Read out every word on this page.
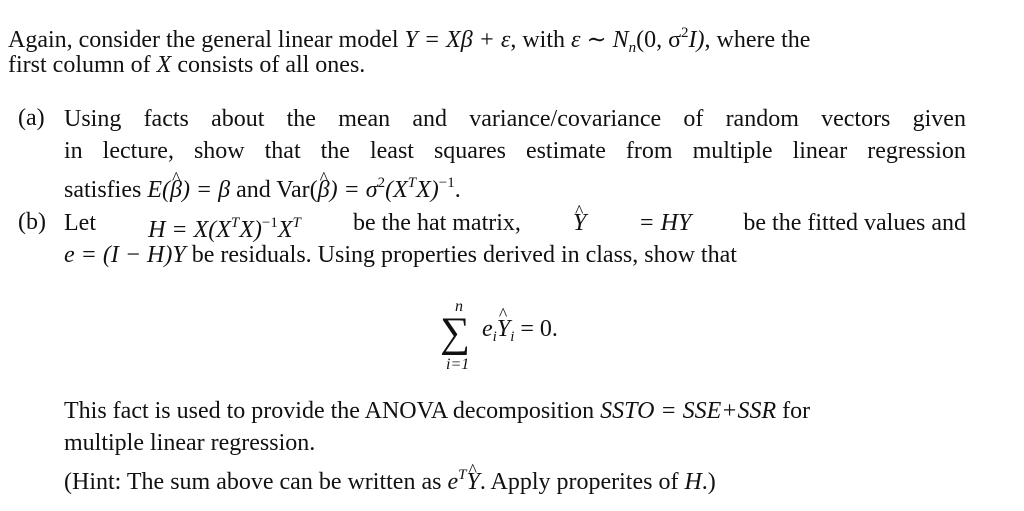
Again, consider the general linear model Y = Xβ + ε, with ε ∼ $N_n(0$, $\sigma^2I$), where the
first column of X consists of all ones.
(a) Using facts about the mean and variance/covariance of random vectors given
in lecture, show that the least squares estimate from multiple linear regression
satisfies E(^ β) = β and Var(^ $\beta) = \sigma^2(X^TX)^{-1}$.
(b) Let $H = X(X^TX)^{-1}X^T$ be the hat matrix,
^ Y = HY be the fitted values and
e = (I − H)Y be residuals. Using properties derived in class, show that
n
∑
i=1
$e_i\^{}$ $Y_i = 0$.
This fact is used to provide the ANOVA decomposition SSTO = SSE+SSR for
multiple linear regression.
(Hint: The sum above can be written as $e^T\^{}$ Y. Apply properites of H.)
